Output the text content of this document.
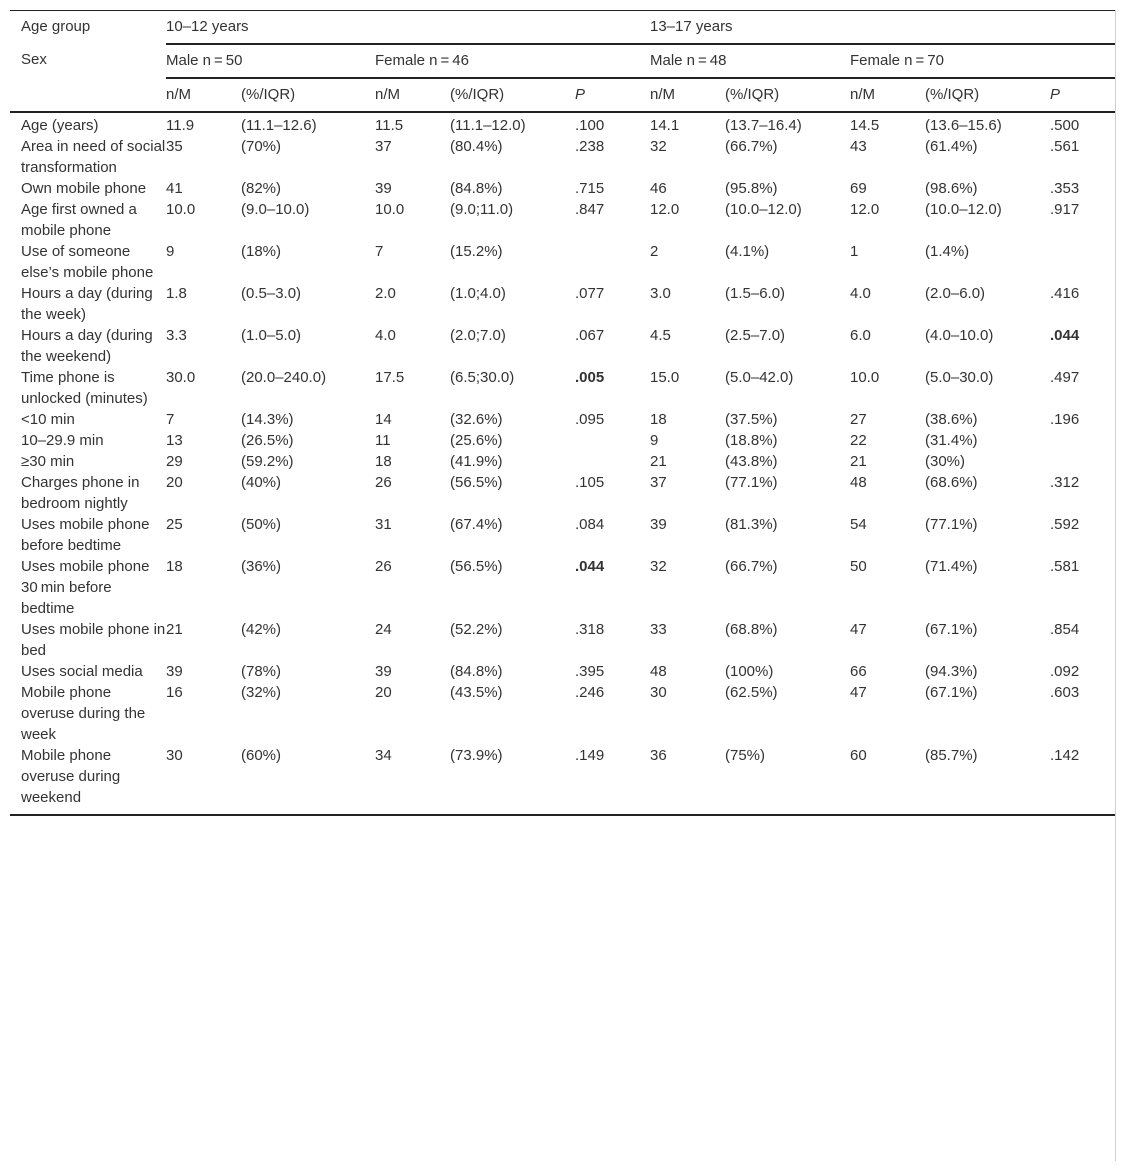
Age group	10–12 years					13–17 years				
Sex	Male n = 50		Female n = 46			Male n = 48		Female n = 70		
	n/M	(%/IQR)	n/M	(%/IQR)	P	n/M	(%/IQR)	n/M	(%/IQR)	P
Age (years)	11.9	(11.1–12.6)	11.5	(11.1–12.0)	.100	14.1	(13.7–16.4)	14.5	(13.6–15.6)	.500
Area in need of social transformation	35	(70%)	37	(80.4%)	.238	32	(66.7%)	43	(61.4%)	.561
Own mobile phone	41	(82%)	39	(84.8%)	.715	46	(95.8%)	69	(98.6%)	.353
Age first owned a mobile phone	10.0	(9.0–10.0)	10.0	(9.0;11.0)	.847	12.0	(10.0–12.0)	12.0	(10.0–12.0)	.917
Use of someone else’s mobile phone	9	(18%)	7	(15.2%)		2	(4.1%)	1	(1.4%)	
Hours a day (during the week)	1.8	(0.5–3.0)	2.0	(1.0;4.0)	.077	3.0	(1.5–6.0)	4.0	(2.0–6.0)	.416
Hours a day (during the weekend)	3.3	(1.0–5.0)	4.0	(2.0;7.0)	.067	4.5	(2.5–7.0)	6.0	(4.0–10.0)	.044
Time phone is unlocked (minutes)	30.0	(20.0–240.0)	17.5	(6.5;30.0)	.005	15.0	(5.0–42.0)	10.0	(5.0–30.0)	.497
<10 min	7	(14.3%)	14	(32.6%)	.095	18	(37.5%)	27	(38.6%)	.196
10–29.9 min	13	(26.5%)	11	(25.6%)		9	(18.8%)	22	(31.4%)	
≥30 min	29	(59.2%)	18	(41.9%)		21	(43.8%)	21	(30%)	
Charges phone in bedroom nightly	20	(40%)	26	(56.5%)	.105	37	(77.1%)	48	(68.6%)	.312
Uses mobile phone before bedtime	25	(50%)	31	(67.4%)	.084	39	(81.3%)	54	(77.1%)	.592
Uses mobile phone 30 min before bedtime	18	(36%)	26	(56.5%)	.044	32	(66.7%)	50	(71.4%)	.581
Uses mobile phone in bed	21	(42%)	24	(52.2%)	.318	33	(68.8%)	47	(67.1%)	.854
Uses social media	39	(78%)	39	(84.8%)	.395	48	(100%)	66	(94.3%)	.092
Mobile phone overuse during the week	16	(32%)	20	(43.5%)	.246	30	(62.5%)	47	(67.1%)	.603
Mobile phone overuse during weekend	30	(60%)	34	(73.9%)	.149	36	(75%)	60	(85.7%)	.142
